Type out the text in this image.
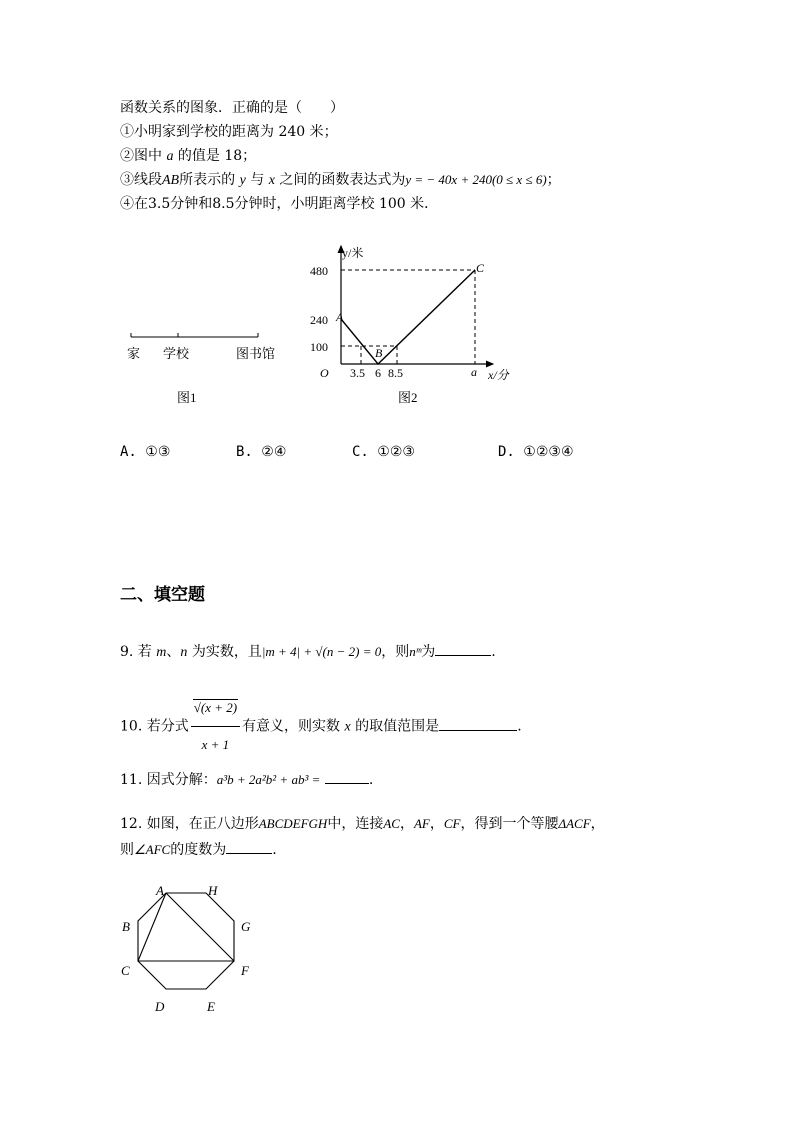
函数关系的图象．正确的是（　　）
①小明家到学校的距离为 240 米；
②图中 a 的值是 18；
③线段AB所表示的 y 与 x 之间的函数表达式为y = − 40x + 240(0 ≤ x ≤ 6)；
④在3.5分钟和8.5分钟时，小明距离学校 100 米．
家 学校	图书馆
图1
y/米
x/分
480
240
100
O 3.5 6 8.5	a
A
B
C
图2
A. ①③	B. ②④	C. ①②③	D. ①②③④
二、填空题
9. 若 m、n 为实数，且|m + 4| + √(n − 2) = 0，则nᵐ为	.
10. 若分式 $\frac{√(x + 2)}{x + 1}$ 有意义，则实数 x 的取值范围是	.
11. 因式分解：a³b + 2a²b² + ab³ =	.
12. 如图，在正八边形ABCDEFGH中，连接AC，AF，CF，得到一个等腰ΔACF，
则∠AFC的度数为	.
A	H
B	G
C	F
D	E
